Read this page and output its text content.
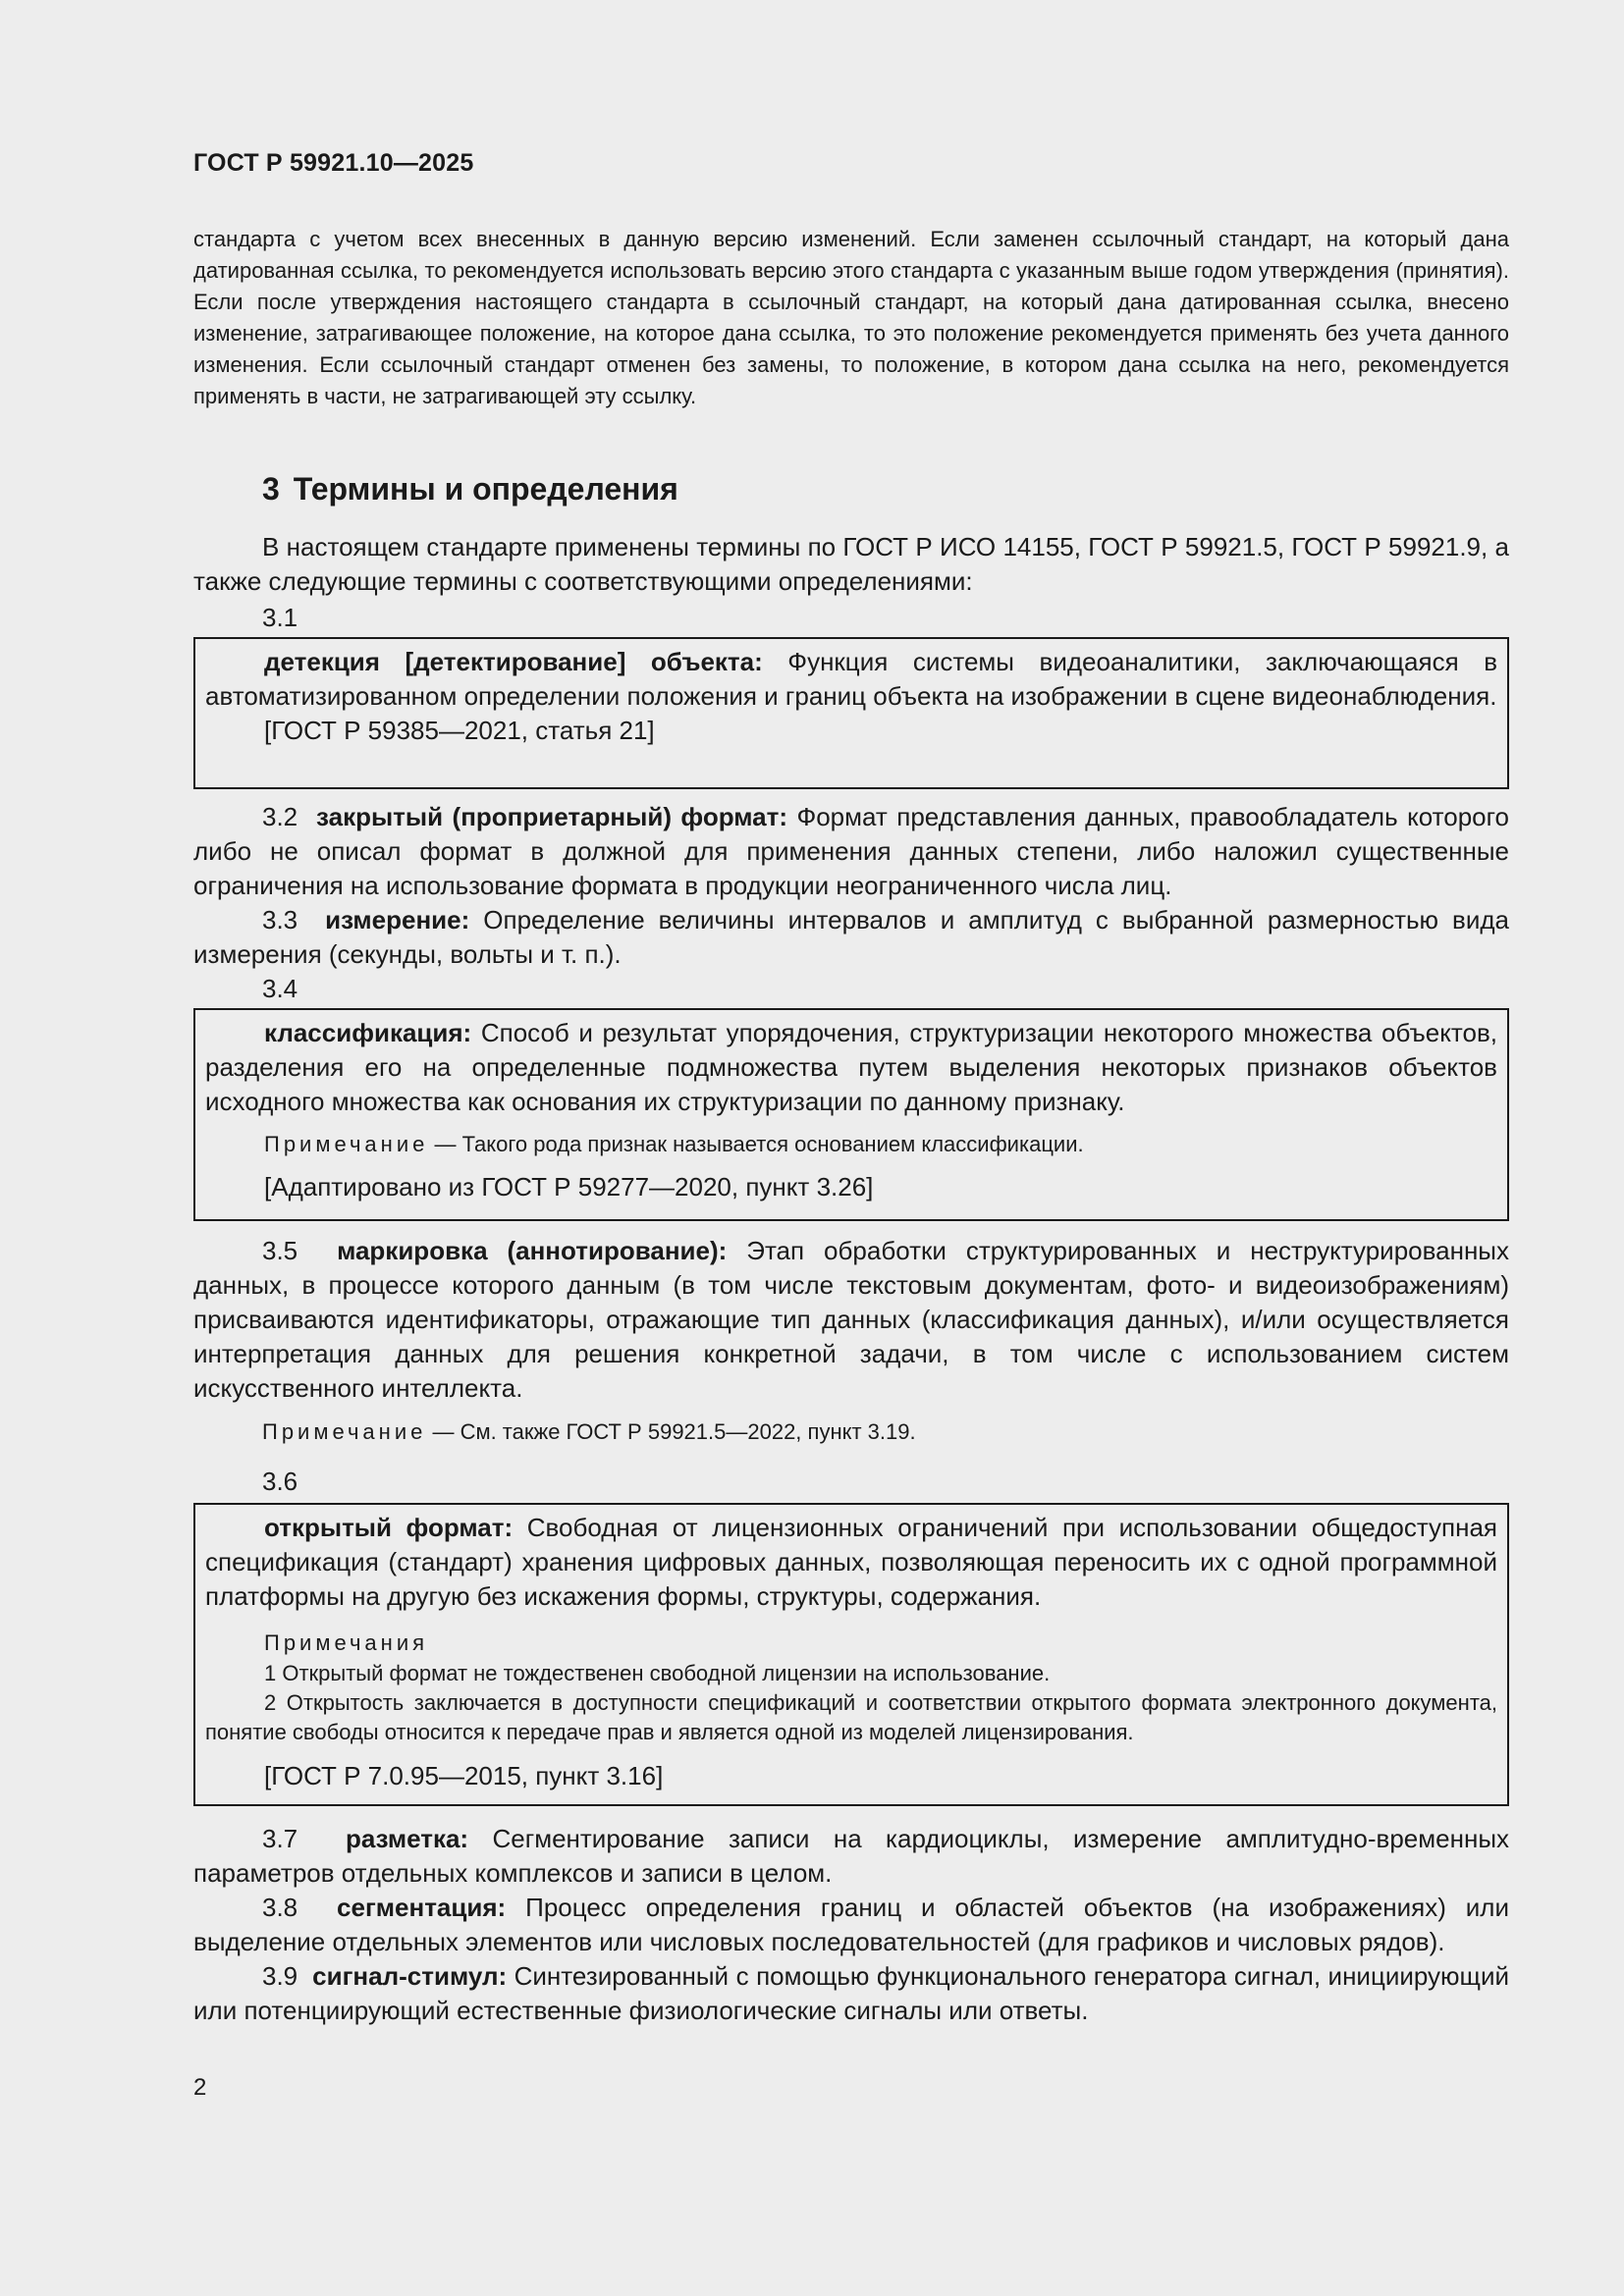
ГОСТ Р 59921.10—2025
стандарта с учетом всех внесенных в данную версию изменений. Если заменен ссылочный стандарт, на который дана датированная ссылка, то рекомендуется использовать версию этого стандарта с указанным выше годом утверждения (принятия). Если после утверждения настоящего стандарта в ссылочный стандарт, на который дана датированная ссылка, внесено изменение, затрагивающее положение, на которое дана ссылка, то это положение рекомендуется применять без учета данного изменения. Если ссылочный стандарт отменен без замены, то положение, в котором дана ссылка на него, рекомендуется применять в части, не затрагивающей эту ссылку.
3 Термины и определения
В настоящем стандарте применены термины по ГОСТ Р ИСО 14155, ГОСТ Р 59921.5, ГОСТ Р 59921.9, а также следующие термины с соответствующими определениями:
3.1
детекция [детектирование] объекта: Функция системы видеоаналитики, заключающаяся в автоматизированном определении положения и границ объекта на изображении в сцене видеонаблюдения.
[ГОСТ Р 59385—2021, статья 21]
3.2 закрытый (проприетарный) формат: Формат представления данных, правообладатель которого либо не описал формат в должной для применения данных степени, либо наложил существенные ограничения на использование формата в продукции неограниченного числа лиц.
3.3 измерение: Определение величины интервалов и амплитуд с выбранной размерностью вида измерения (секунды, вольты и т. п.).
3.4
классификация: Способ и результат упорядочения, структуризации некоторого множества объектов, разделения его на определенные подмножества путем выделения некоторых признаков объектов исходного множества как основания их структуризации по данному признаку.
Примечание — Такого рода признак называется основанием классификации.
[Адаптировано из ГОСТ Р 59277—2020, пункт 3.26]
3.5 маркировка (аннотирование): Этап обработки структурированных и неструктурированных данных, в процессе которого данным (в том числе текстовым документам, фото- и видеоизображениям) присваиваются идентификаторы, отражающие тип данных (классификация данных), и/или осуществляется интерпретация данных для решения конкретной задачи, в том числе с использованием систем искусственного интеллекта.
Примечание — См. также ГОСТ Р 59921.5—2022, пункт 3.19.
3.6
открытый формат: Свободная от лицензионных ограничений при использовании общедоступная спецификация (стандарт) хранения цифровых данных, позволяющая переносить их с одной программной платформы на другую без искажения формы, структуры, содержания.
Примечания
1 Открытый формат не тождественен свободной лицензии на использование.
2 Открытость заключается в доступности спецификаций и соответствии открытого формата электронного документа, понятие свободы относится к передаче прав и является одной из моделей лицензирования.
[ГОСТ Р 7.0.95—2015, пункт 3.16]
3.7 разметка: Сегментирование записи на кардиоциклы, измерение амплитудно-временных параметров отдельных комплексов и записи в целом.
3.8 сегментация: Процесс определения границ и областей объектов (на изображениях) или выделение отдельных элементов или числовых последовательностей (для графиков и числовых рядов).
3.9 сигнал-стимул: Синтезированный с помощью функционального генератора сигнал, инициирующий или потенциирующий естественные физиологические сигналы или ответы.
2
